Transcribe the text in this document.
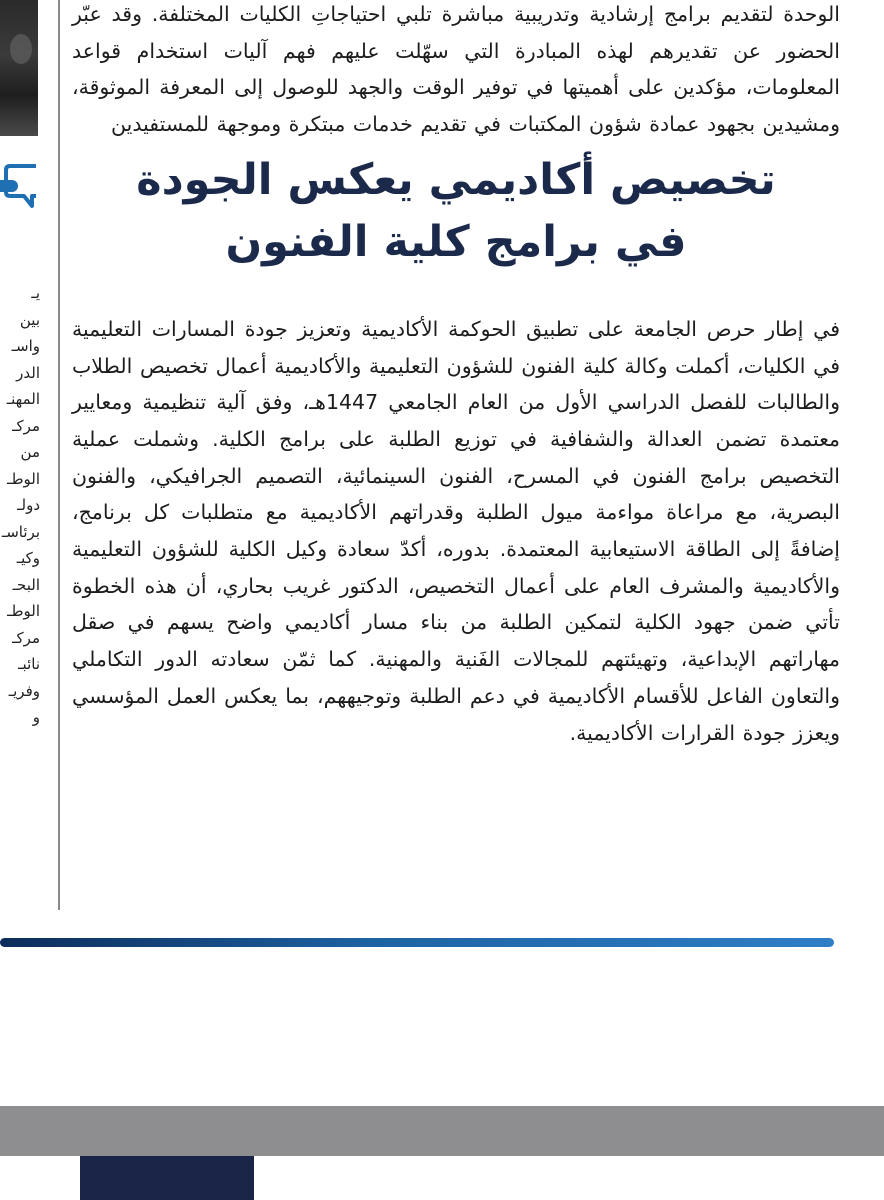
يـ
بين
واسـ
الدر
المهنـ
مركـ
من
الوطـ
دولـ
برئاسـ
وكيـ
البحـ
الوطـ
مركـ
نائبـ
وفريـ
و

الوحدة لتقديم برامج إرشادية وتدريبية مباشرة تلبي احتياجاتِ الكليات المختلفة. وقد عبّر الحضور عن تقديرهم لهذه المبادرة التي سهّلت عليهم فهم آليات استخدام قواعد المعلومات، مؤكدين على أهميتها في توفير الوقت والجهد للوصول إلى المعرفة الموثوقة، ومشيدين بجهود عمادة شؤون المكتبات في تقديم خدمات مبتكرة وموجهة للمستفيدين

تخصيص أكاديمي يعكس الجودة في برامج كلية الفنون

في إطار حرص الجامعة على تطبيق الحوكمة الأكاديمية وتعزيز جودة المسارات التعليمية في الكليات، أكملت وكالة كلية الفنون للشؤون التعليمية والأكاديمية أعمال تخصيص الطلاب والطالبات للفصل الدراسي الأول من العام الجامعي 1447هـ، وفق آلية تنظيمية ومعايير معتمدة تضمن العدالة والشفافية في توزيع الطلبة على برامج الكلية. وشملت عملية التخصيص برامج الفنون في المسرح، الفنون السينمائية، التصميم الجرافيكي، والفنون البصرية، مع مراعاة مواءمة ميول الطلبة وقدراتهم الأكاديمية مع متطلبات كل برنامج، إضافةً إلى الطاقة الاستيعابية المعتمدة. بدوره، أكدّ سعادة وكيل الكلية للشؤون التعليمية والأكاديمية والمشرف العام على أعمال التخصيص، الدكتور غريب بحاري، أن هذه الخطوة تأتي ضمن جهود الكلية لتمكين الطلبة من بناء مسار أكاديمي واضح يسهم في صقل مهاراتهم الإبداعية، وتهيئتهم للمجالات الفَنية والمهنية. كما ثمّن سعادته الدور التكاملي والتعاون الفاعل للأقسام الأكاديمية في دعم الطلبة وتوجيههم، بما يعكس العمل المؤسسي ويعزز جودة القرارات الأكاديمية.
